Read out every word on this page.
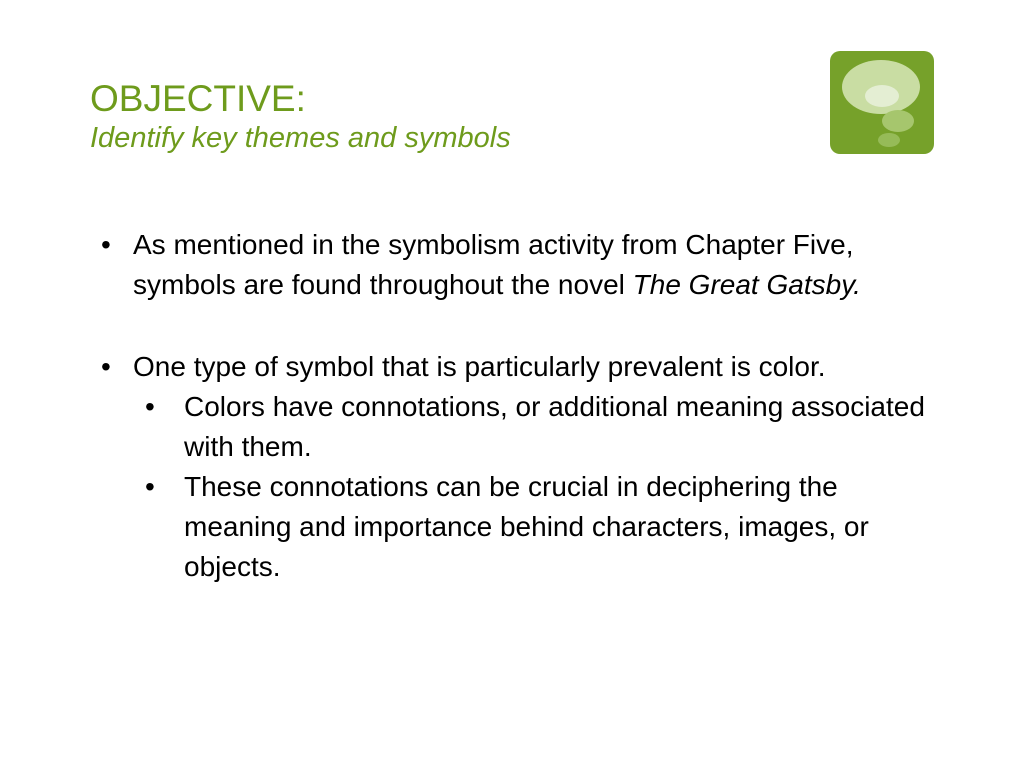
OBJECTIVE:
Identify key themes and symbols
• As mentioned in the symbolism activity from Chapter Five, symbols are found throughout the novel The Great Gatsby.
• One type of symbol that is particularly prevalent is color.
• Colors have connotations, or additional meaning associated with them.
• These connotations can be crucial in deciphering the meaning and importance behind characters, images, or objects.
